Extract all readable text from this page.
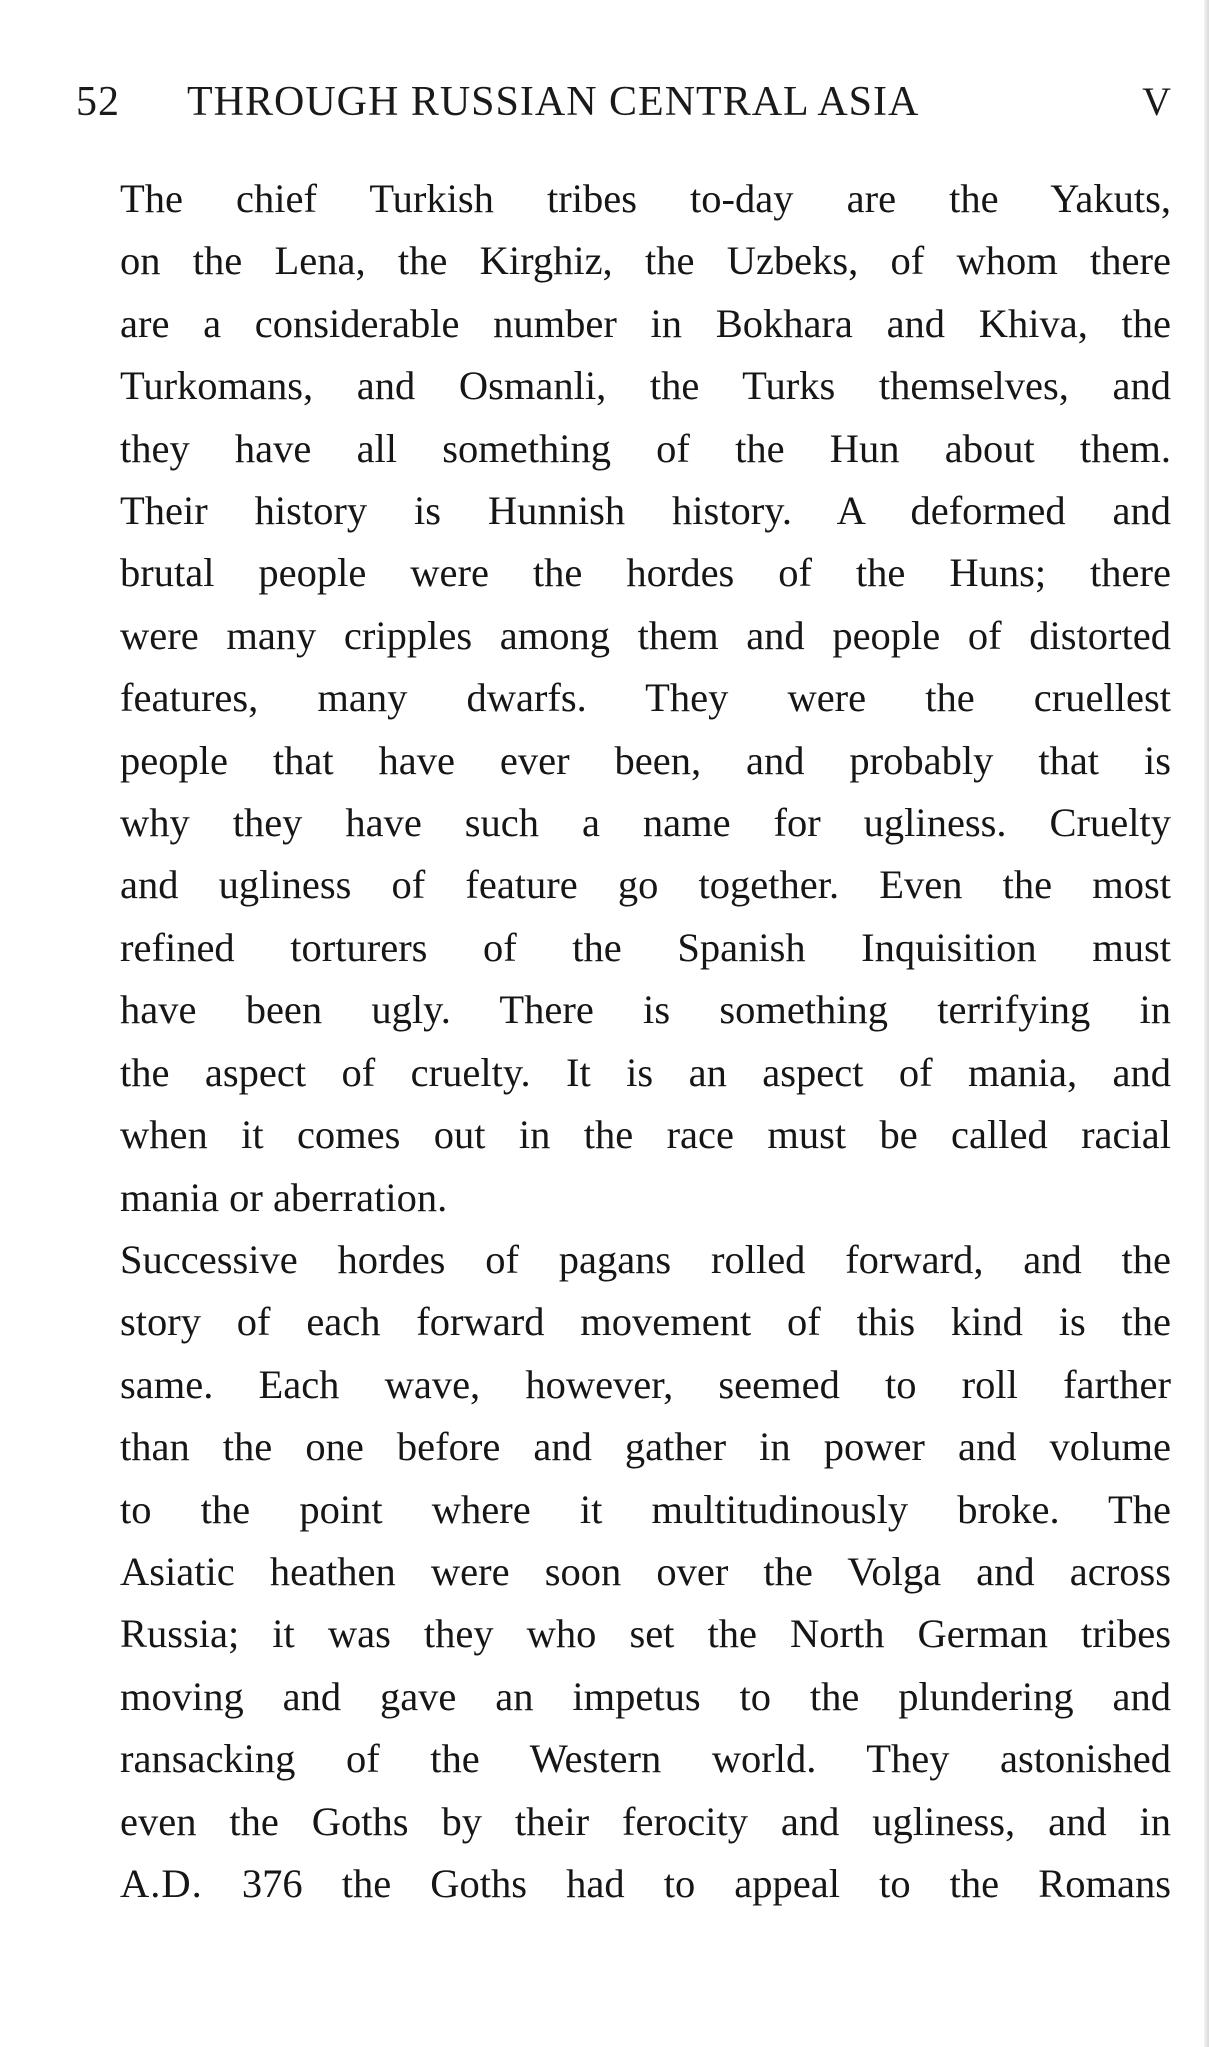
52 THROUGH RUSSIAN CENTRAL ASIA	V

The chief Turkish tribes to-day are the Yakuts,
on the Lena, the Kirghiz, the Uzbeks, of whom there
are a considerable number in Bokhara and Khiva, the
Turkomans, and Osmanli, the Turks themselves, and
they have all something of the Hun about them.
Their history is Hunnish history. A deformed and
brutal people were the hordes of the Huns; there
were many cripples among them and people of distorted
features, many dwarfs. They were the cruellest
people that have ever been, and probably that is
why they have such a name for ugliness. Cruelty
and ugliness of feature go together. Even the most
refined torturers of the Spanish Inquisition must
have been ugly. There is something terrifying in
the aspect of cruelty. It is an aspect of mania, and
when it comes out in the race must be called racial
mania or aberration.

Successive hordes of pagans rolled forward, and the
story of each forward movement of this kind is the
same. Each wave, however, seemed to roll farther
than the one before and gather in power and volume
to the point where it multitudinously broke. The
Asiatic heathen were soon over the Volga and across
Russia; it was they who set the North German tribes
moving and gave an impetus to the plundering and
ransacking of the Western world. They astonished
even the Goths by their ferocity and ugliness, and in
A.D. 376 the Goths had to appeal to the Romans
